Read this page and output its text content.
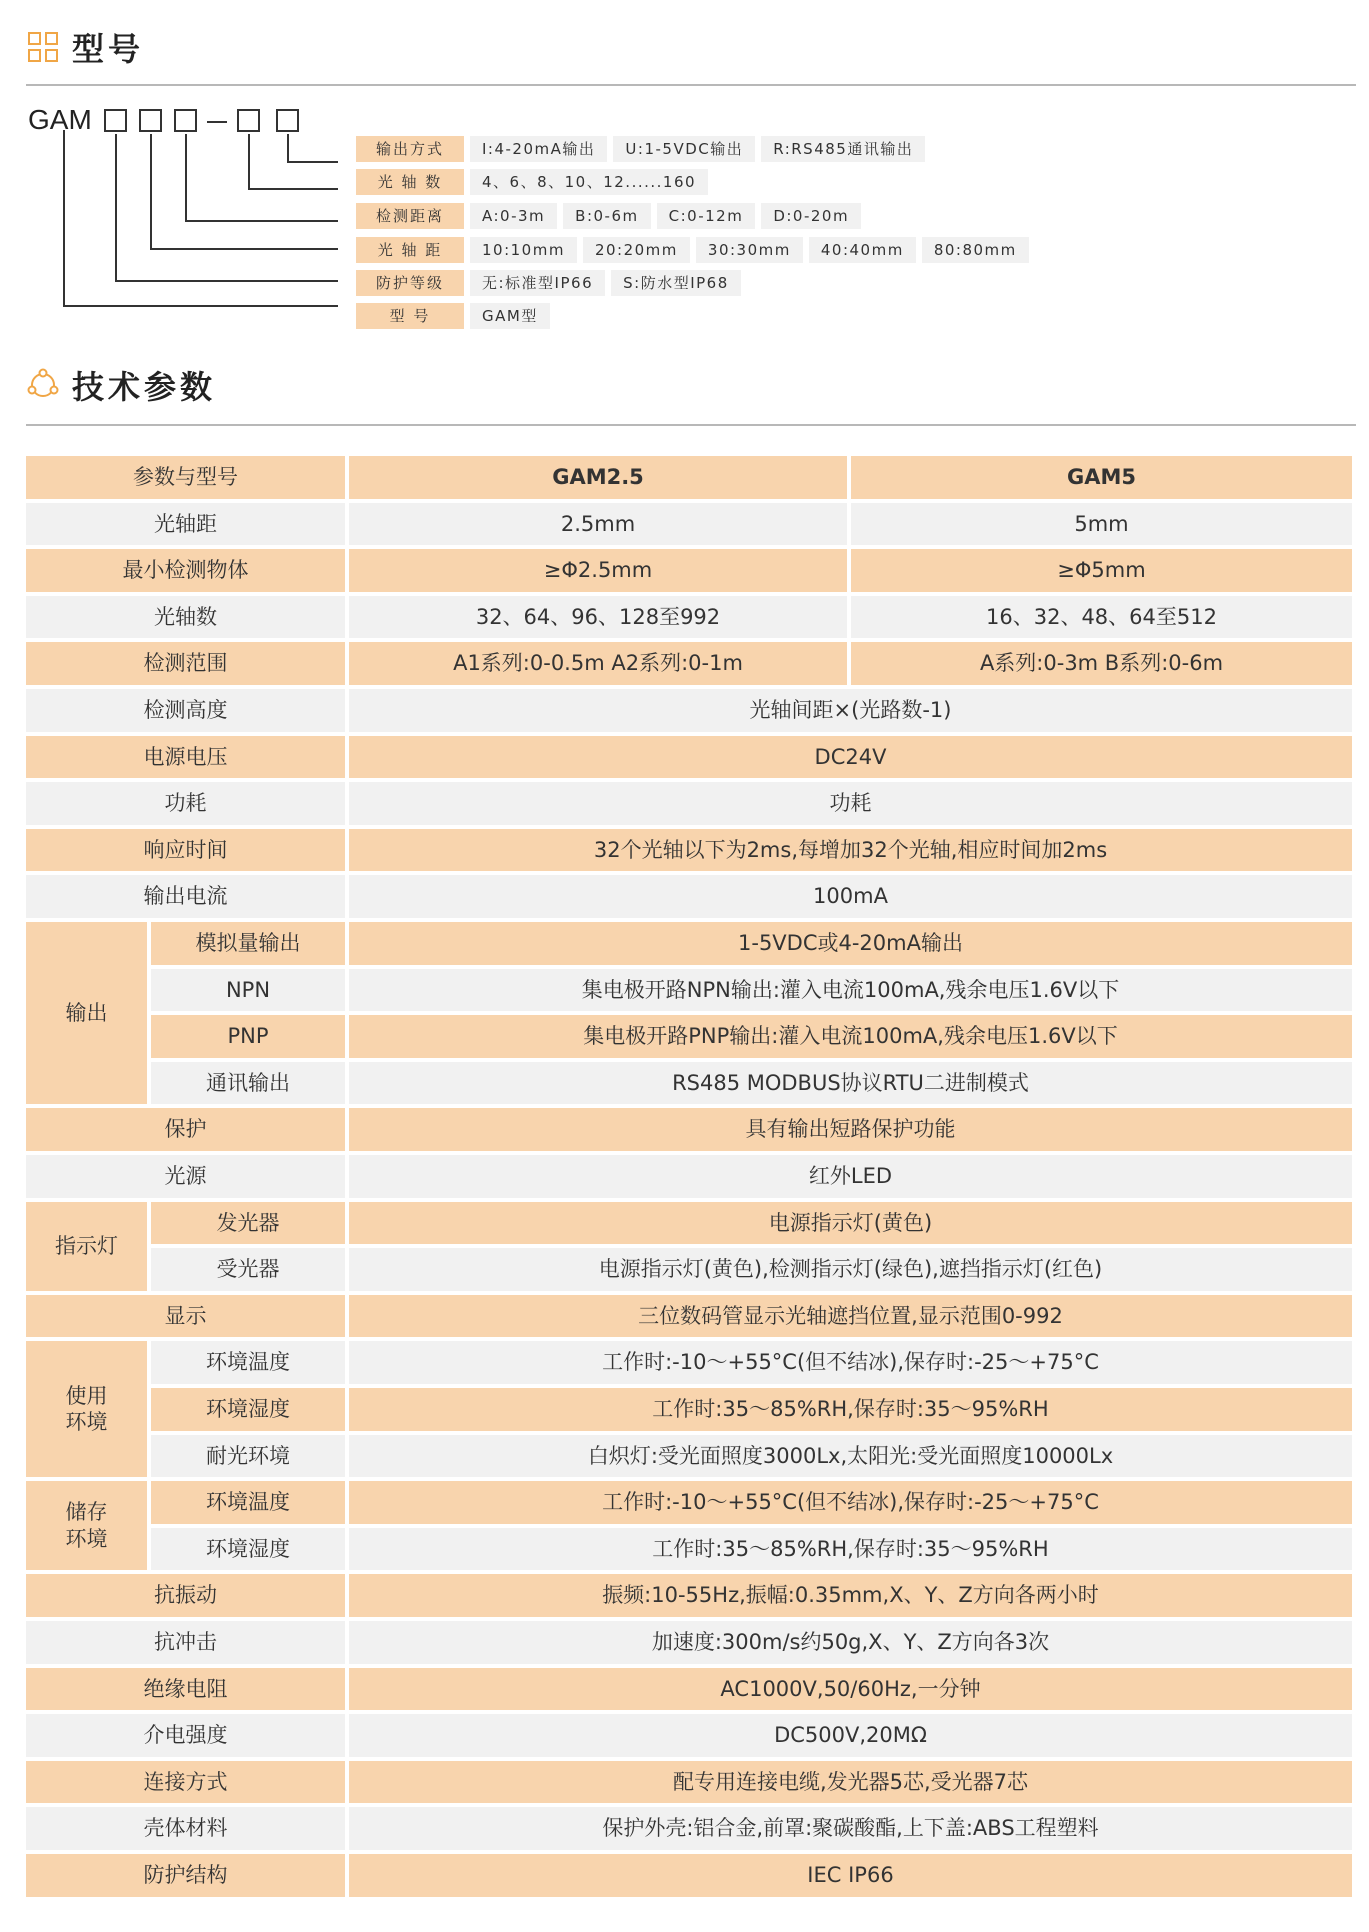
型号
GAM
输出方式	I:4-20mA输出	U:1-5VDC输出	R:RS485通讯输出
光 轴 数	4、6、8、10、12......160
检测距离	A:0-3m	B:0-6m	C:0-12m	D:0-20m
光 轴 距	10:10mm	20:20mm	30:30mm	40:40mm	80:80mm
防护等级	无:标准型IP66	S:防水型IP68
型 号	GAM型
技术参数
参数与型号	GAM2.5	GAM5
光轴距	2.5mm	5mm
最小检测物体	≥Φ2.5mm	≥Φ5mm
光轴数	32、64、96、128至992	16、32、48、64至512
检测范围	A1系列:0-0.5m A2系列:0-1m	A系列:0-3m B系列:0-6m
检测高度	光轴间距×(光路数-1)
电源电压	DC24V
功耗	功耗
响应时间	32个光轴以下为2ms,每增加32个光轴,相应时间加2ms
输出电流	100mA
输出
模拟量输出	1-5VDC或4-20mA输出
NPN	集电极开路NPN输出:灌入电流100mA,残余电压1.6V以下
PNP	集电极开路PNP输出:灌入电流100mA,残余电压1.6V以下
通讯输出	RS485 MODBUS协议RTU二进制模式
保护	具有输出短路保护功能
光源	红外LED
指示灯
发光器	电源指示灯(黄色)
受光器	电源指示灯(黄色),检测指示灯(绿色),遮挡指示灯(红色)
显示	三位数码管显示光轴遮挡位置,显示范围0-992
使用
环境
环境温度	工作时:-10～+55°C(但不结冰),保存时:-25～+75°C
环境湿度	工作时:35～85%RH,保存时:35～95%RH
耐光环境	白炽灯:受光面照度3000Lx,太阳光:受光面照度10000Lx
储存
环境
环境温度	工作时:-10～+55°C(但不结冰),保存时:-25～+75°C
环境湿度	工作时:35～85%RH,保存时:35～95%RH
抗振动	振频:10-55Hz,振幅:0.35mm,X、Y、Z方向各两小时
抗冲击	加速度:300m/s约50g,X、Y、Z方向各3次
绝缘电阻	AC1000V,50/60Hz,一分钟
介电强度	DC500V,20MΩ
连接方式	配专用连接电缆,发光器5芯,受光器7芯
壳体材料	保护外壳:铝合金,前罩:聚碳酸酯,上下盖:ABS工程塑料
防护结构	IEC IP66
